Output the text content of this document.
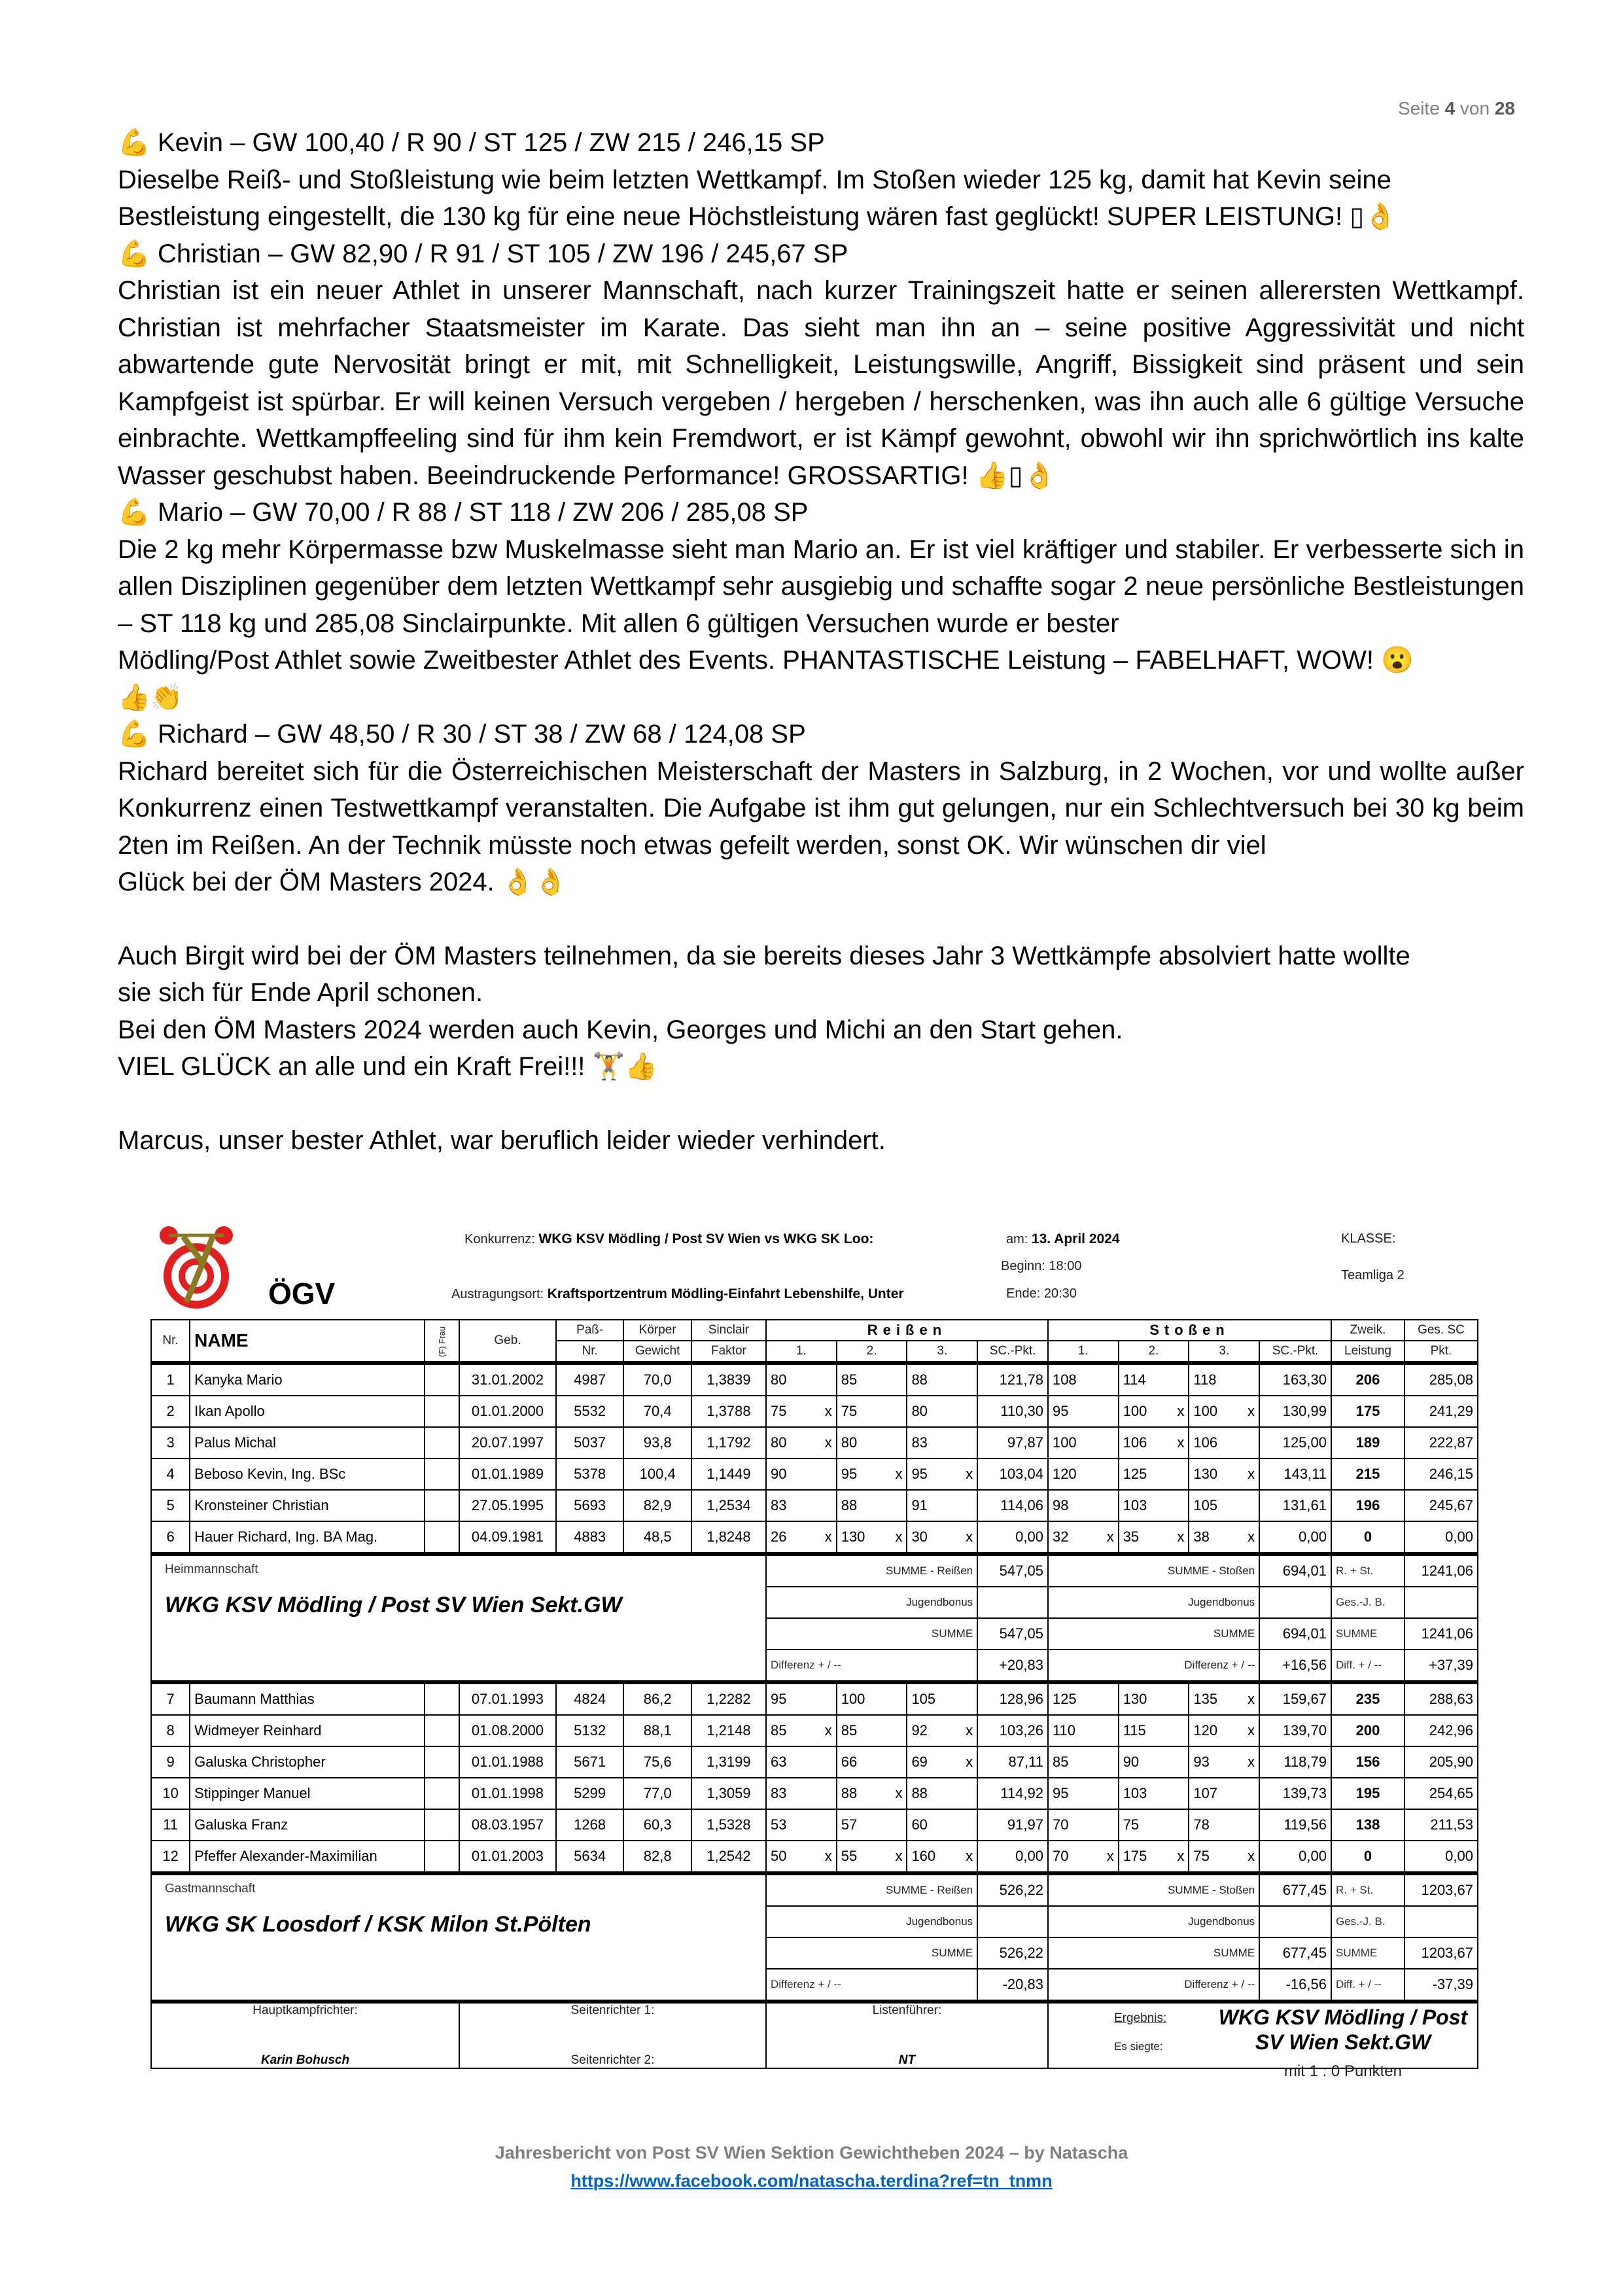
Seite 4 von 28

💪 Kevin – GW 100,40 / R 90 / ST 125 / ZW 215 / 246,15 SP

Dieselbe Reiß- und Stoßleistung wie beim letzten Wettkampf. Im Stoßen wieder 125 kg, damit hat Kevin seine

Bestleistung eingestellt, die 130 kg für eine neue Höchstleistung wären fast geglückt! SUPER LEISTUNG! ▯👌

💪 Christian – GW 82,90 / R 91 / ST 105 / ZW 196 / 245,67 SP

Christian ist ein neuer Athlet in unserer Mannschaft, nach kurzer Trainingszeit hatte er seinen allerersten Wettkampf. Christian ist mehrfacher Staatsmeister im Karate. Das sieht man ihn an – seine positive Aggressivität und nicht abwartende gute Nervosität bringt er mit, mit Schnelligkeit, Leistungswille, Angriff, Bissigkeit sind präsent und sein Kampfgeist ist spürbar. Er will keinen Versuch vergeben / hergeben / herschenken, was ihn auch alle 6 gültige Versuche einbrachte. Wettkampffeeling sind für ihm kein Fremdwort, er ist Kämpf gewohnt, obwohl wir ihn sprichwörtlich ins kalte Wasser geschubst haben. Beeindruckende Performance! GROSSARTIG! 👍▯👌

💪 Mario – GW 70,00 / R 88 / ST 118 / ZW 206 / 285,08 SP

Die 2 kg mehr Körpermasse bzw Muskelmasse sieht man Mario an. Er ist viel kräftiger und stabiler. Er verbesserte sich in allen Disziplinen gegenüber dem letzten Wettkampf sehr ausgiebig und schaffte sogar 2 neue persönliche Bestleistungen – ST 118 kg und 285,08 Sinclairpunkte. Mit allen 6 gültigen Versuchen wurde er bester

Mödling/Post Athlet sowie Zweitbester Athlet des Events. PHANTASTISCHE Leistung – FABELHAFT, WOW! 😮
👍👏

💪 Richard – GW 48,50 / R 30 / ST 38 / ZW 68 / 124,08 SP

Richard bereitet sich für die Österreichischen Meisterschaft der Masters in Salzburg, in 2 Wochen, vor und wollte außer Konkurrenz einen Testwettkampf veranstalten. Die Aufgabe ist ihm gut gelungen, nur ein Schlechtversuch bei 30 kg beim 2ten im Reißen. An der Technik müsste noch etwas gefeilt werden, sonst OK. Wir wünschen dir viel

Glück bei der ÖM Masters 2024. 👌👌

Auch Birgit wird bei der ÖM Masters teilnehmen, da sie bereits dieses Jahr 3 Wettkämpfe absolviert hatte wollte
sie sich für Ende April schonen.

Bei den ÖM Masters 2024 werden auch Kevin, Georges und Michi an den Start gehen.

VIEL GLÜCK an alle und ein Kraft Frei!!! 🏋👍

Marcus, unser bester Athlet, war beruflich leider wieder verhindert.

ÖGV
Konkurrenz: WKG KSV Mödling / Post SV Wien vs WKG SK Loo:
Austragungsort: Kraftsportzentrum Mödling-Einfahrt Lebenshilfe, Unter
am: 13. April 2024
Beginn: 18:00
Ende: 20:30
KLASSE:
Teamliga 2
Nr.	NAME	(F) Frau	Geb.	Paß-	Körper	Sinclair	Reißen				Stoßen				Zweik.	Ges. SC
				Nr.	Gewicht	Faktor	1.	2.	3.	SC.-Pkt.	1.	2.	3.	SC.-Pkt.	Leistung	Pkt.
1	Kanyka Mario		31.01.2002	4987	70,0	1,3839	80	85	88	121,78	108	114	118	163,30	206	285,08
2	Ikan Apollo		01.01.2000	5532	70,4	1,3788	75 x	75	80	110,30	95	100 x	100 x	130,99	175	241,29
3	Palus Michal		20.07.1997	5037	93,8	1,1792	80 x	80	83	97,87	100	106 x	106	125,00	189	222,87
4	Beboso Kevin, Ing. BSc		01.01.1989	5378	100,4	1,1449	90	95 x	95 x	103,04	120	125	130 x	143,11	215	246,15
5	Kronsteiner Christian		27.05.1995	5693	82,9	1,2534	83	88	91	114,06	98	103	105	131,61	196	245,67
6	Hauer Richard, Ing. BA Mag.		04.09.1981	4883	48,5	1,8248	26 x	130 x	30 x	0,00	32 x	35 x	38 x	0,00	0	0,00

Heimmannschaft
WKG KSV Mödling / Post SV Wien Sekt.GW							SUMME - Reißen			547,05	SUMME - Stoßen			694,01	R. + St.	1241,06
							Jugendbonus				Jugendbonus				Ges.-J. B.	
							SUMME			547,05	SUMME			694,01	SUMME	1241,06
							Differenz + / --			+20,83	Differenz + / --			+16,56	Diff. + / --	+37,39
7	Baumann Matthias		07.01.1993	4824	86,2	1,2282	95	100	105	128,96	125	130	135 x	159,67	235	288,63
8	Widmeyer Reinhard		01.08.2000	5132	88,1	1,2148	85 x	85	92 x	103,26	110	115	120 x	139,70	200	242,96
9	Galuska Christopher		01.01.1988	5671	75,6	1,3199	63	66	69 x	87,11	85	90	93 x	118,79	156	205,90
10	Stippinger Manuel		01.01.1998	5299	77,0	1,3059	83	88 x	88	114,92	95	103	107	139,73	195	254,65
11	Galuska Franz		08.03.1957	1268	60,3	1,5328	53	57	60	91,97	70	75	78	119,56	138	211,53
12	Pfeffer Alexander-Maximilian		01.01.2003	5634	82,8	1,2542	50 x	55 x	160 x	0,00	70 x	175 x	75 x	0,00	0	0,00

Gastmannschaft
WKG SK Loosdorf / KSK Milon St.Pölten							SUMME - Reißen			526,22	SUMME - Stoßen			677,45	R. + St.	1203,67
							Jugendbonus				Jugendbonus				Ges.-J. B.	
							SUMME			526,22	SUMME			677,45	SUMME	1203,67
							Differenz + / --			-20,83	Differenz + / --			-16,56	Diff. + / --	-37,39

Hauptkampfrichter:
Karin Bohusch

Seitenrichter 1:
Seitenrichter 2:

Listenführer:
NT

Ergebnis:
Es siegte:
WKG KSV Mödling / Post SV Wien Sekt.GW
mit 1 : 0 Punkten
Jahresbericht von Post SV Wien Sektion Gewichtheben 2024 – by Natascha
https://www.facebook.com/natascha.terdina?ref=tn_tnmn
